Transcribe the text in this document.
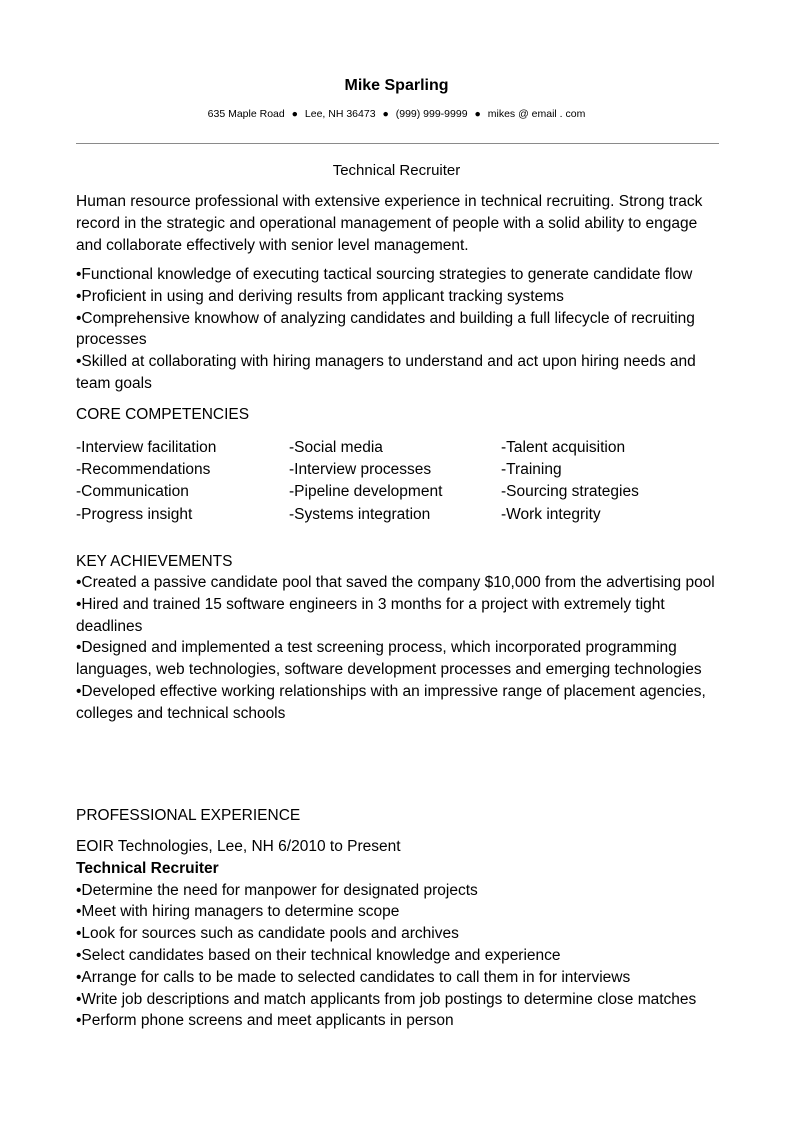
Mike Sparling
635 Maple Road ● Lee, NH 36473 ● (999) 999-9999 ● mikes @ email . com
Technical Recruiter

Human resource professional with extensive experience in technical recruiting. Strong track record in the strategic and operational management of people with a solid ability to engage and collaborate effectively with senior level management.

•Functional knowledge of executing tactical sourcing strategies to generate candidate flow

•Proficient in using and deriving results from applicant tracking systems

•Comprehensive knowhow of analyzing candidates and building a full lifecycle of recruiting processes

•Skilled at collaborating with hiring managers to understand and act upon hiring needs and team goals

CORE COMPETENCIES

-Interview facilitation

-Recommendations

-Communication

-Progress insight

-Social media

-Interview processes

-Pipeline development

-Systems integration

-Talent acquisition

-Training

-Sourcing strategies

-Work integrity

KEY ACHIEVEMENTS

•Created a passive candidate pool that saved the company $10,000 from the advertising pool

•Hired and trained 15 software engineers in 3 months for a project with extremely tight deadlines

•Designed and implemented a test screening process, which incorporated programming languages, web technologies, software development processes and emerging technologies

•Developed effective working relationships with an impressive range of placement agencies, colleges and technical schools

PROFESSIONAL EXPERIENCE

EOIR Technologies, Lee, NH 6/2010 to Present

Technical Recruiter

•Determine the need for manpower for designated projects

•Meet with hiring managers to determine scope

•Look for sources such as candidate pools and archives

•Select candidates based on their technical knowledge and experience

•Arrange for calls to be made to selected candidates to call them in for interviews

•Write job descriptions and match applicants from job postings to determine close matches

•Perform phone screens and meet applicants in person
